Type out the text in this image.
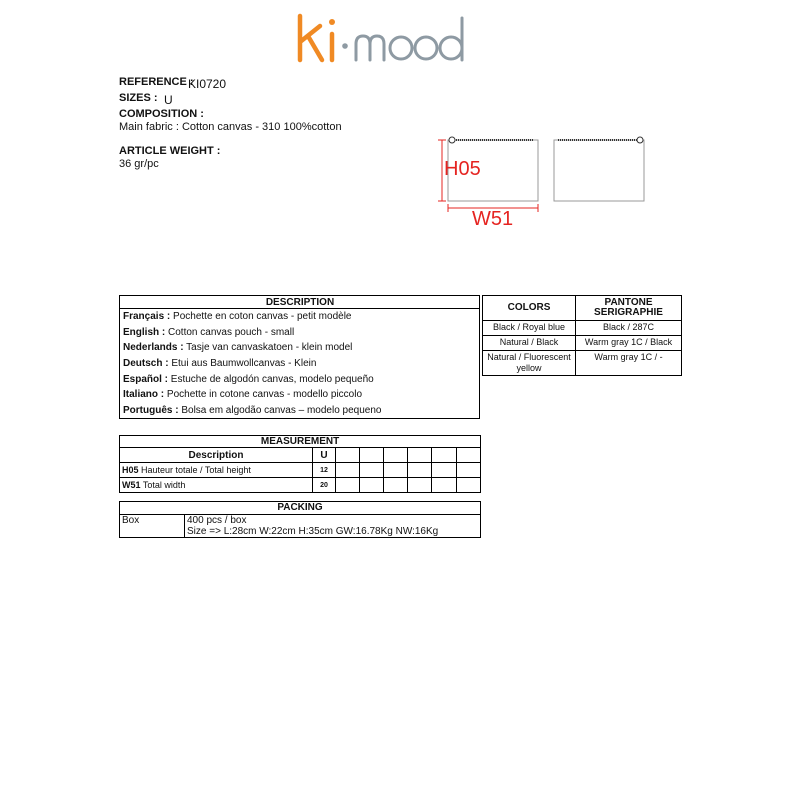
REFERENCE :
KI0720
SIZES : U
COMPOSITION :
Main fabric : Cotton canvas - 310 100%cotton
ARTICLE WEIGHT :
36 gr/pc	H05
W51
DESCRIPTION
Français : Pochette en coton canvas - petit modèle
English : Cotton canvas pouch - small
Nederlands : Tasje van canvaskatoen - klein model
Deutsch : Etui aus Baumwollcanvas - Klein
Español : Estuche de algodón canvas, modelo pequeño
Italiano : Pochette in cotone canvas - modello piccolo
Português : Bolsa em algodão canvas – modelo pequeno
COLORS	PANTONE SERIGRAPHIE
Black / Royal blue	Black / 287C
Natural / Black	Warm gray 1C / Black
Natural / Fluorescent yellow	Warm gray 1C / -
MEASUREMENT							
Description	U						
H05 Hauteur totale / Total height	12						
W51 Total width	20						
PACKING
Box	400 pcs / box
Size => L:28cm W:22cm H:35cm GW:16.78Kg NW:16Kg
